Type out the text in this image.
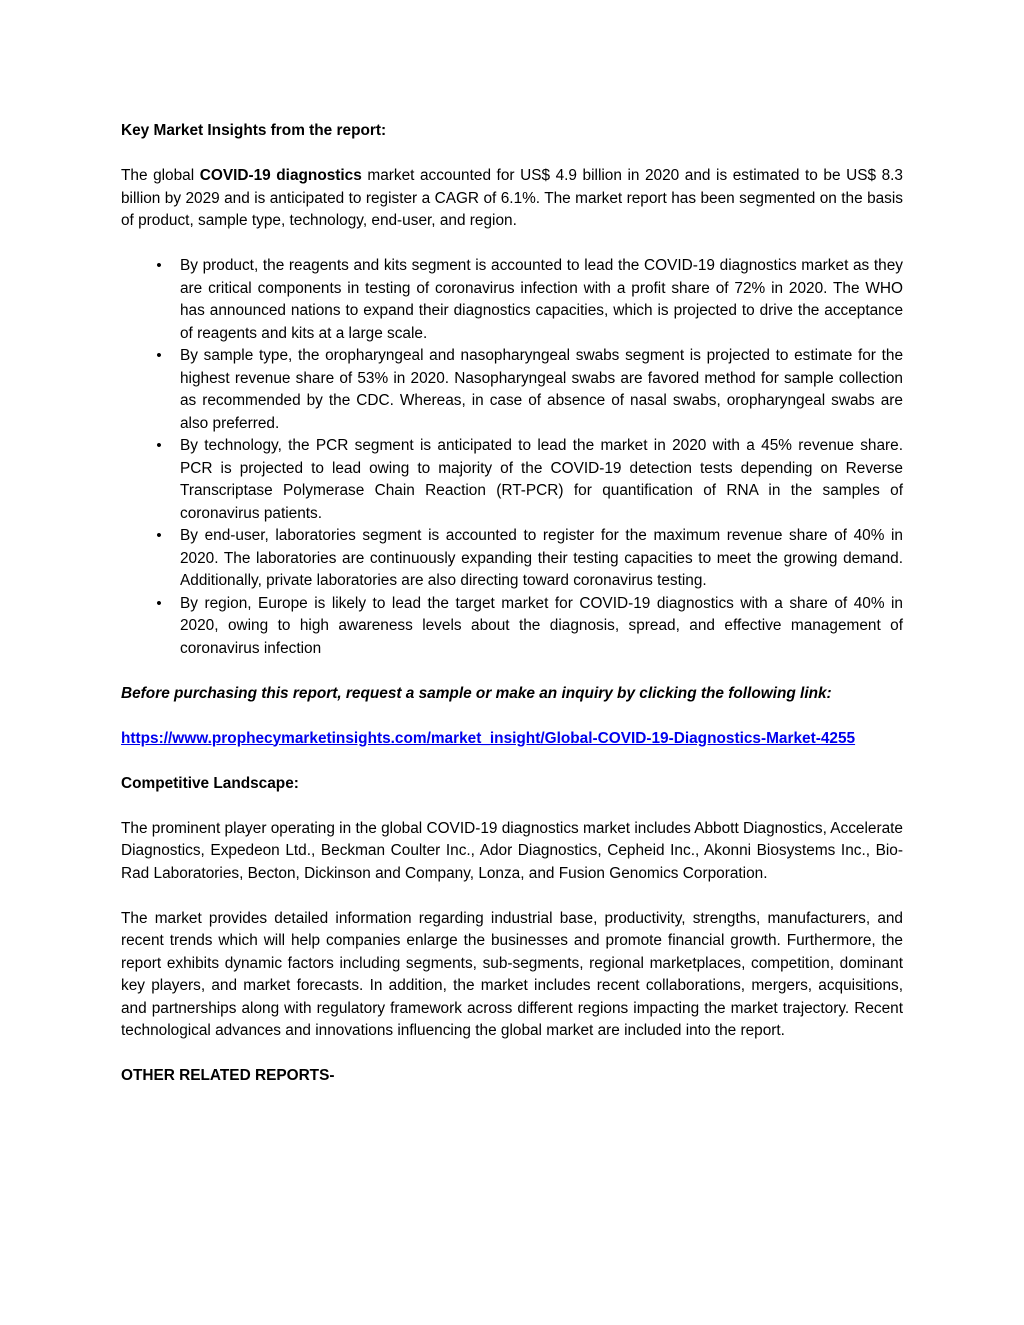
Key Market Insights from the report:

The global COVID-19 diagnostics market accounted for US$ 4.9 billion in 2020 and is estimated to be US$ 8.3 billion by 2029 and is anticipated to register a CAGR of 6.1%. The market report has been segmented on the basis of product, sample type, technology, end-user, and region.

•	By product, the reagents and kits segment is accounted to lead the COVID-19 diagnostics market as they are critical components in testing of coronavirus infection with a profit share of 72% in 2020. The WHO has announced nations to expand their diagnostics capacities, which is projected to drive the acceptance of reagents and kits at a large scale.
•	By sample type, the oropharyngeal and nasopharyngeal swabs segment is projected to estimate for the highest revenue share of 53% in 2020. Nasopharyngeal swabs are favored method for sample collection as recommended by the CDC. Whereas, in case of absence of nasal swabs, oropharyngeal swabs are also preferred.
•	By technology, the PCR segment is anticipated to lead the market in 2020 with a 45% revenue share. PCR is projected to lead owing to majority of the COVID-19 detection tests depending on Reverse Transcriptase Polymerase Chain Reaction (RT-PCR) for quantification of RNA in the samples of coronavirus patients.
•	By end-user, laboratories segment is accounted to register for the maximum revenue share of 40% in 2020. The laboratories are continuously expanding their testing capacities to meet the growing demand. Additionally, private laboratories are also directing toward coronavirus testing.
•	By region, Europe is likely to lead the target market for COVID-19 diagnostics with a share of 40% in 2020, owing to high awareness levels about the diagnosis, spread, and effective management of coronavirus infection

Before purchasing this report, request a sample or make an inquiry by clicking the following link:

https://www.prophecymarketinsights.com/market_insight/Global-COVID-19-Diagnostics-Market-4255

Competitive Landscape:

The prominent player operating in the global COVID-19 diagnostics market includes Abbott Diagnostics, Accelerate Diagnostics, Expedeon Ltd., Beckman Coulter Inc., Ador Diagnostics, Cepheid Inc., Akonni Biosystems Inc., Bio-Rad Laboratories, Becton, Dickinson and Company, Lonza, and Fusion Genomics Corporation.

The market provides detailed information regarding industrial base, productivity, strengths, manufacturers, and recent trends which will help companies enlarge the businesses and promote financial growth. Furthermore, the report exhibits dynamic factors including segments, sub-segments, regional marketplaces, competition, dominant key players, and market forecasts. In addition, the market includes recent collaborations, mergers, acquisitions, and partnerships along with regulatory framework across different regions impacting the market trajectory. Recent technological advances and innovations influencing the global market are included into the report.

OTHER RELATED REPORTS-
